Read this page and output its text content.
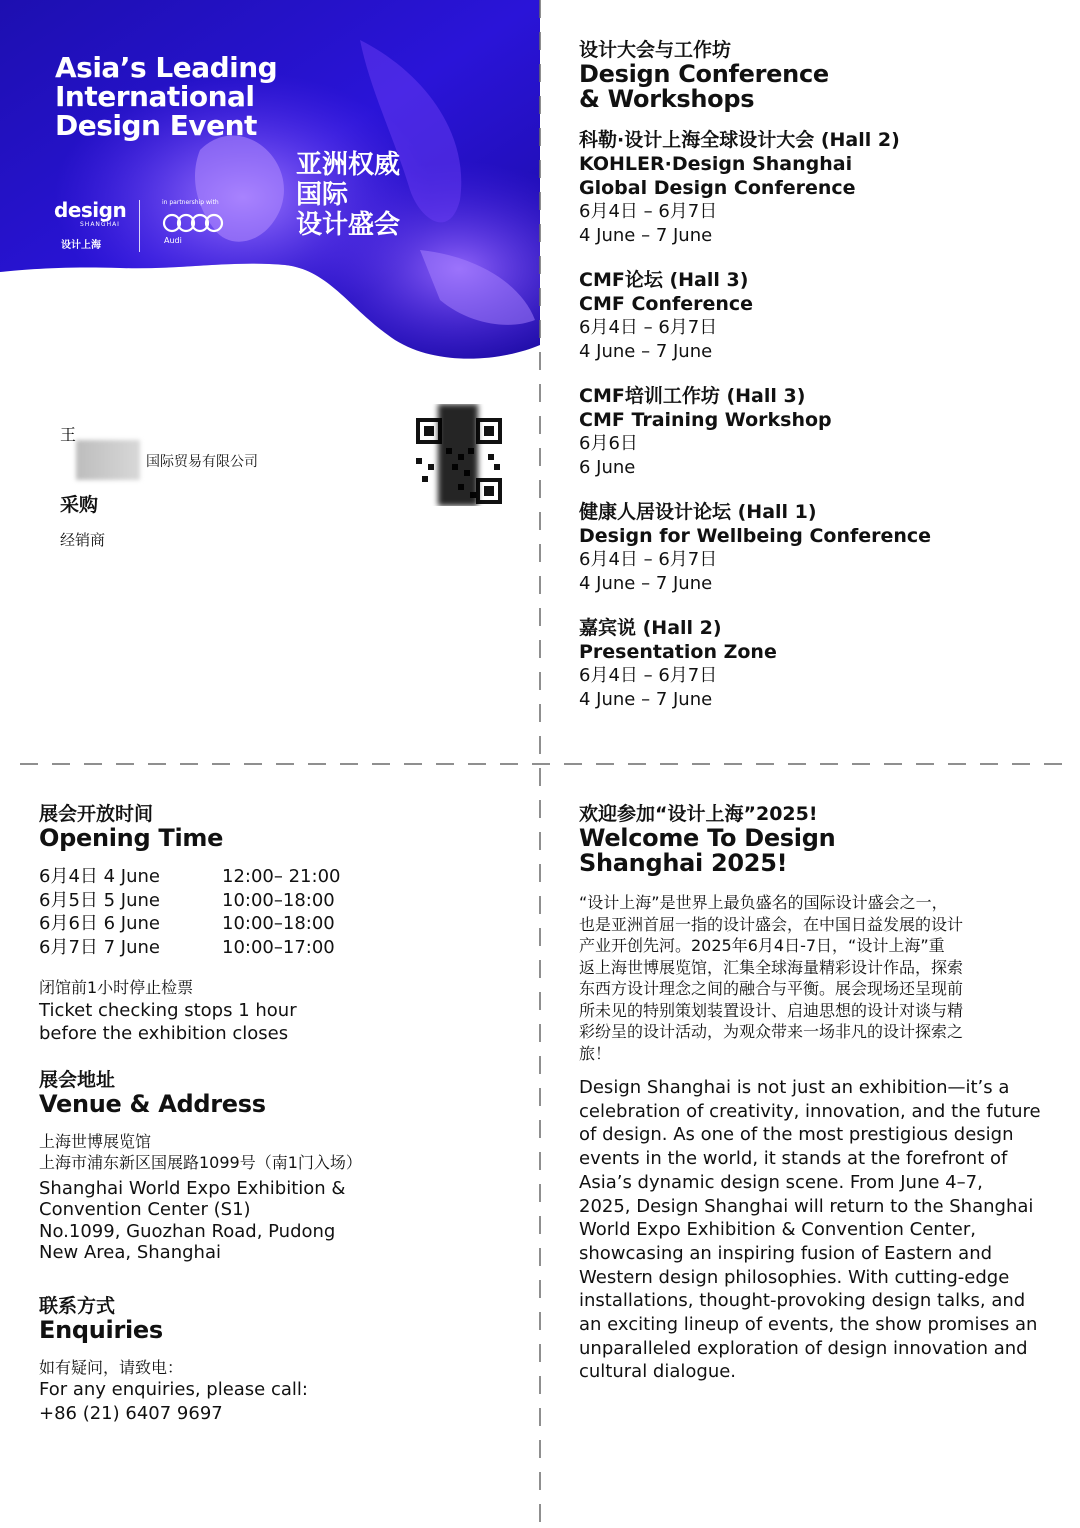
Asia’s Leading
International
Design Event
亚洲权威
国际
设计盛会
design
SHANGHAI
设计上海
in partnership with
Audi
王
国际贸易有限公司
采购
经销商
设计大会与工作坊
Design Conference
& Workshops
科勒·设计上海全球设计大会 (Hall 2)
KOHLER·Design Shanghai
Global Design Conference
6月4日 – 6月7日
4 June – 7 June
CMF论坛 (Hall 3)
CMF Conference
6月4日 – 6月7日
4 June – 7 June
CMF培训工作坊 (Hall 3)
CMF Training Workshop
6月6日
6 June
健康人居设计论坛 (Hall 1)
Design for Wellbeing Conference
6月4日 – 6月7日
4 June – 7 June
嘉宾说 (Hall 2)
Presentation Zone
6月4日 – 6月7日
4 June – 7 June
展会开放时间
Opening Time
6月4日 4 June	12:00– 21:00
6月5日 5 June	10:00–18:00
6月6日 6 June	10:00–18:00
6月7日 7 June	10:00–17:00
闭馆前1小时停止检票
Ticket checking stops 1 hour
before the exhibition closes
展会地址
Venue & Address
上海世博展览馆
上海市浦东新区国展路1099号（南1门入场）
Shanghai World Expo Exhibition &
Convention Center (S1)
No.1099, Guozhan Road, Pudong
New Area, Shanghai
联系方式
Enquiries
如有疑问，请致电：
For any enquiries, please call:
+86 (21) 6407 9697
欢迎参加“设计上海”2025!
Welcome To Design
Shanghai 2025!
“设计上海”是世界上最负盛名的国际设计盛会之一，
也是亚洲首屈一指的设计盛会，在中国日益发展的设计
产业开创先河。2025年6月4日-7日，“设计上海”重
返上海世博展览馆，汇集全球海量精彩设计作品，探索
东西方设计理念之间的融合与平衡。展会现场还呈现前
所未见的特别策划装置设计、启迪思想的设计对谈与精
彩纷呈的设计活动，为观众带来一场非凡的设计探索之
旅！
Design Shanghai is not just an exhibition—it’s a
celebration of creativity, innovation, and the future
of design. As one of the most prestigious design
events in the world, it stands at the forefront of
Asia’s dynamic design scene. From June 4–7,
2025, Design Shanghai will return to the Shanghai
World Expo Exhibition & Convention Center,
showcasing an inspiring fusion of Eastern and
Western design philosophies. With cutting-edge
installations, thought-provoking design talks, and
an exciting lineup of events, the show promises an
unparalleled exploration of design innovation and
cultural dialogue.
